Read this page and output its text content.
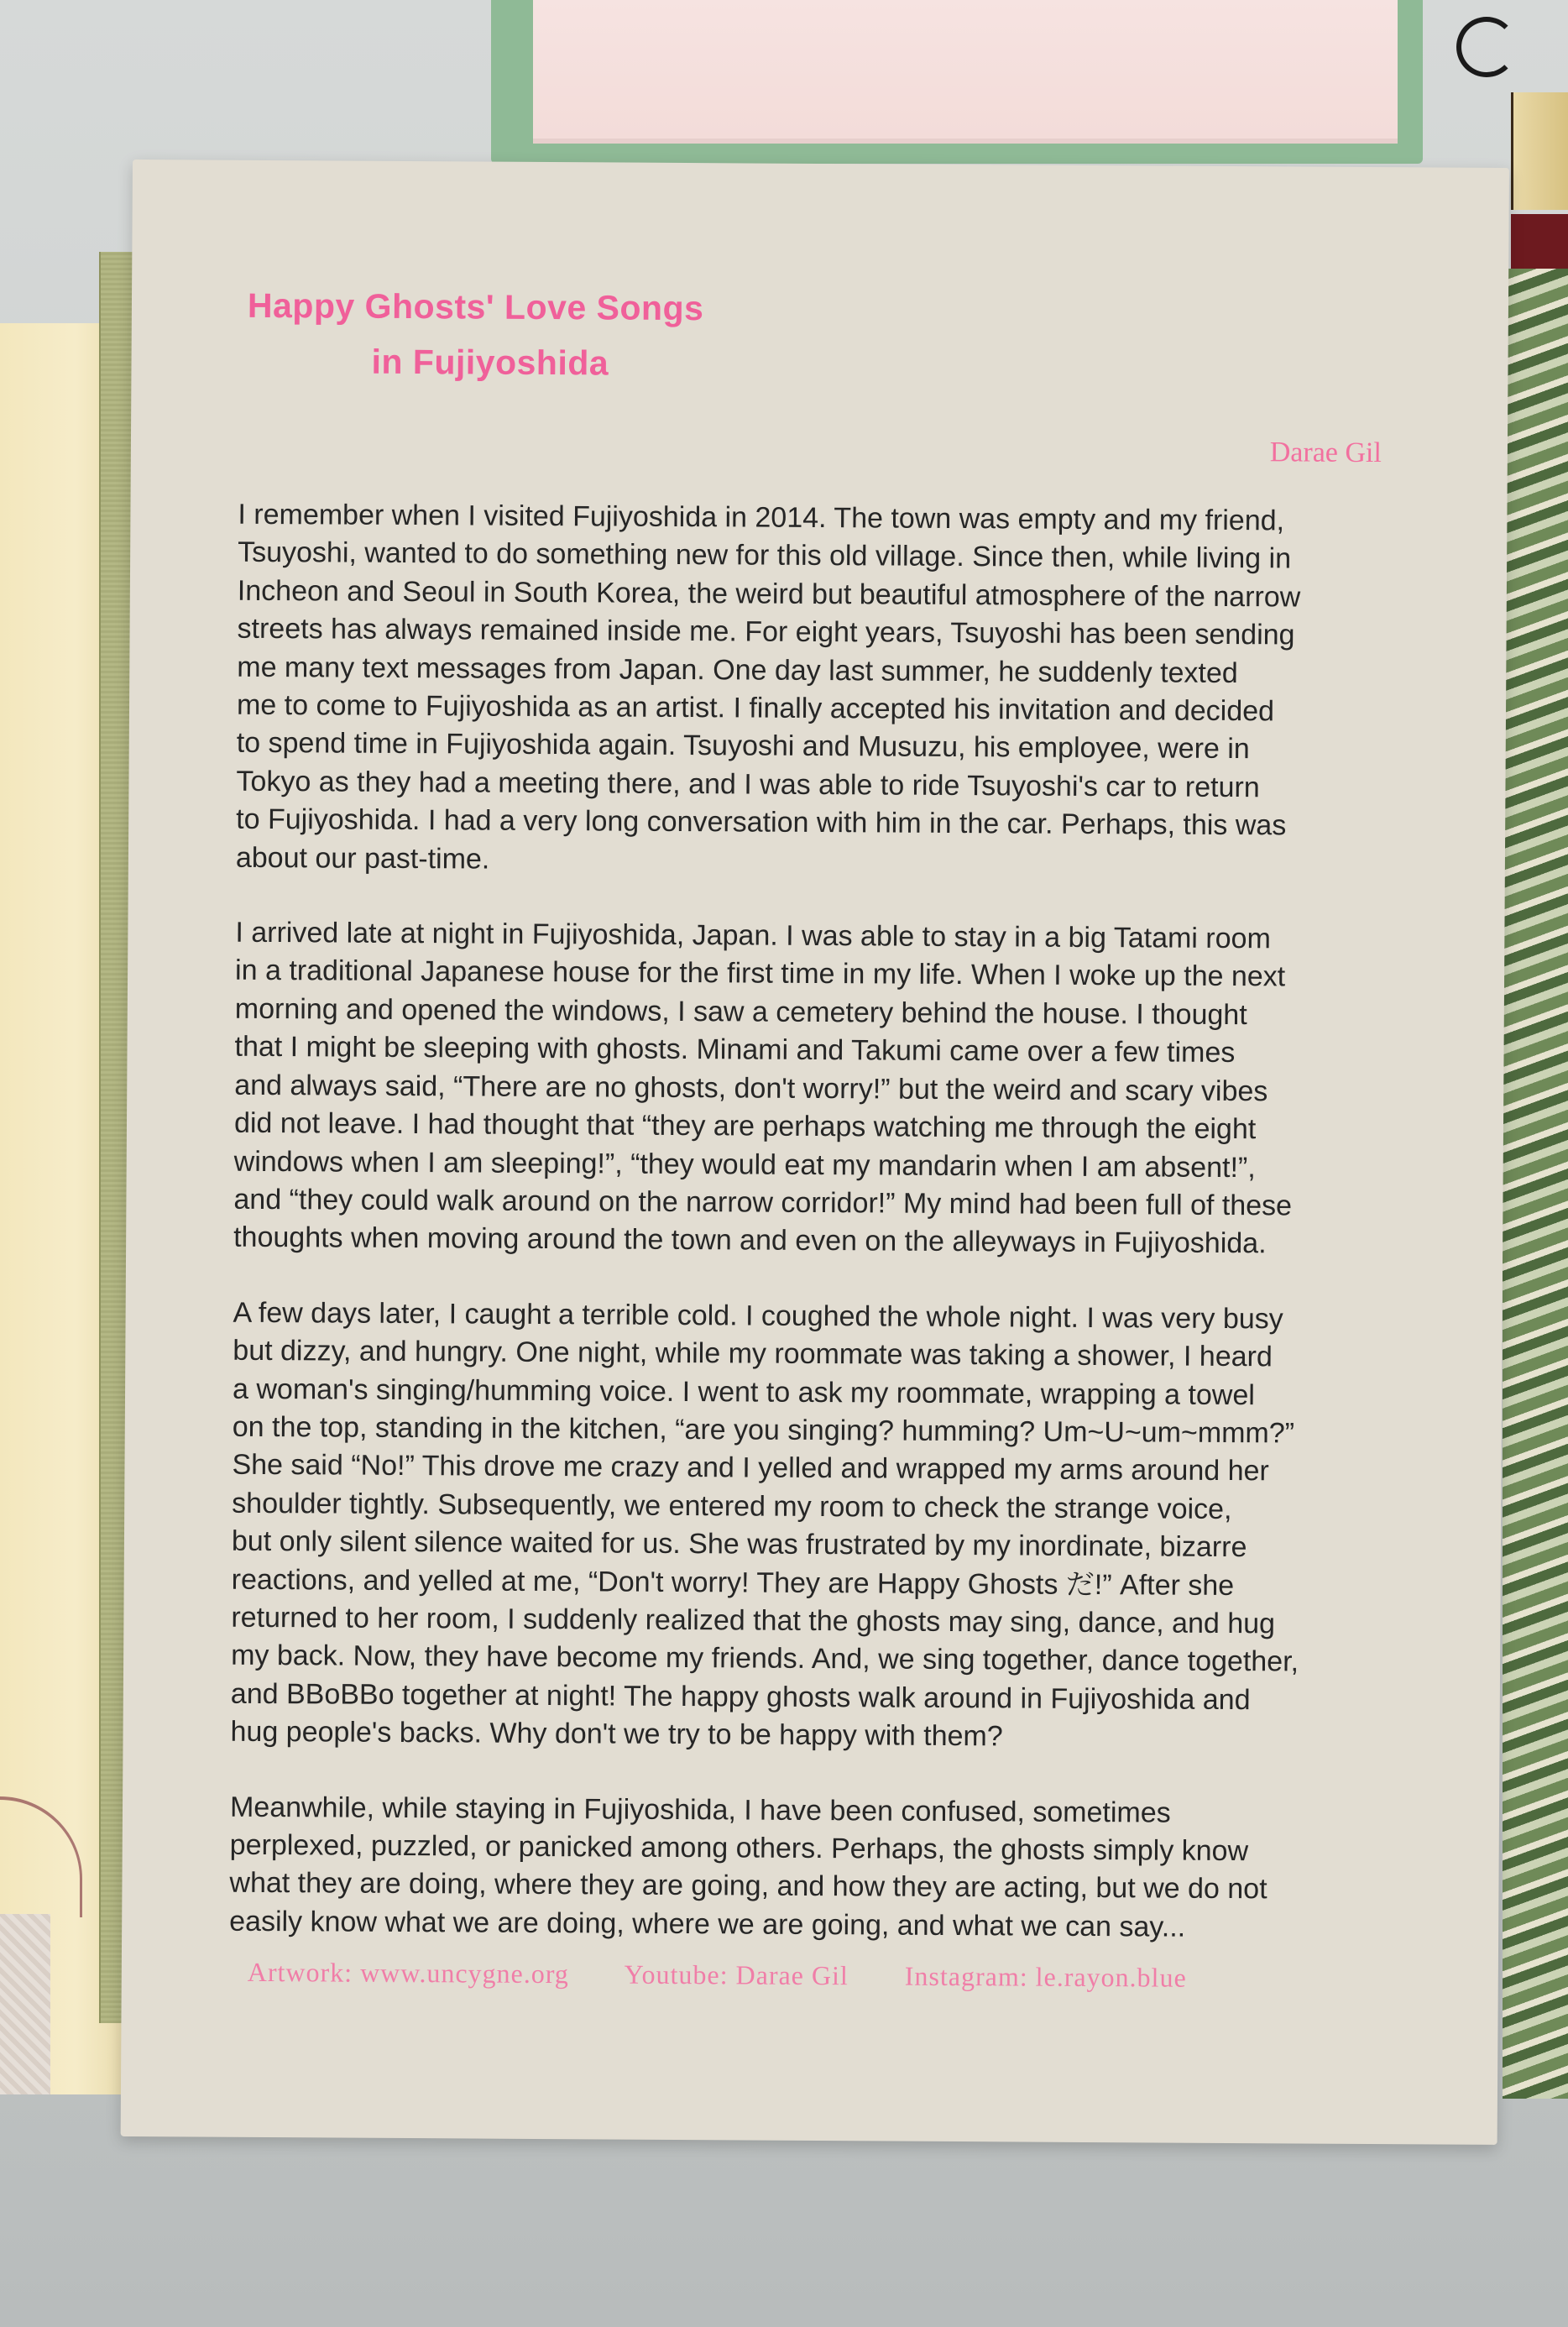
Happy Ghosts' Love Songs
in Fujiyoshida
Darae Gil

I remember when I visited Fujiyoshida in 2014. The town was empty and my friend,
Tsuyoshi, wanted to do something new for this old village. Since then, while living in
Incheon and Seoul in South Korea, the weird but beautiful atmosphere of the narrow
streets has always remained inside me. For eight years, Tsuyoshi has been sending
me many text messages from Japan. One day last summer, he suddenly texted
me to come to Fujiyoshida as an artist. I finally accepted his invitation and decided
to spend time in Fujiyoshida again. Tsuyoshi and Musuzu, his employee, were in
Tokyo as they had a meeting there, and I was able to ride Tsuyoshi's car to return
to Fujiyoshida. I had a very long conversation with him in the car. Perhaps, this was
about our past-time.

I arrived late at night in Fujiyoshida, Japan. I was able to stay in a big Tatami room
in a traditional Japanese house for the first time in my life. When I woke up the next
morning and opened the windows, I saw a cemetery behind the house. I thought
that I might be sleeping with ghosts. Minami and Takumi came over a few times
and always said, “There are no ghosts, don't worry!” but the weird and scary vibes
did not leave. I had thought that “they are perhaps watching me through the eight
windows when I am sleeping!”, “they would eat my mandarin when I am absent!”,
and “they could walk around on the narrow corridor!” My mind had been full of these
thoughts when moving around the town and even on the alleyways in Fujiyoshida.

A few days later, I caught a terrible cold. I coughed the whole night. I was very busy
but dizzy, and hungry. One night, while my roommate was taking a shower, I heard
a woman's singing/humming voice. I went to ask my roommate, wrapping a towel
on the top, standing in the kitchen, “are you singing? humming? Um~U~um~mmm?”
She said “No!” This drove me crazy and I yelled and wrapped my arms around her
shoulder tightly. Subsequently, we entered my room to check the strange voice,
but only silent silence waited for us. She was frustrated by my inordinate, bizarre
reactions, and yelled at me, “Don't worry! They are Happy Ghosts だ!” After she
returned to her room, I suddenly realized that the ghosts may sing, dance, and hug
my back. Now, they have become my friends. And, we sing together, dance together,
and BBoBBo together at night! The happy ghosts walk around in Fujiyoshida and
hug people's backs. Why don't we try to be happy with them?

Meanwhile, while staying in Fujiyoshida, I have been confused, sometimes
perplexed, puzzled, or panicked among others. Perhaps, the ghosts simply know
what they are doing, where they are going, and how they are acting, but we do not
easily know what we are doing, where we are going, and what we can say...

Artwork: www.uncygne.org Youtube: Darae Gil Instagram: le.rayon.blue
